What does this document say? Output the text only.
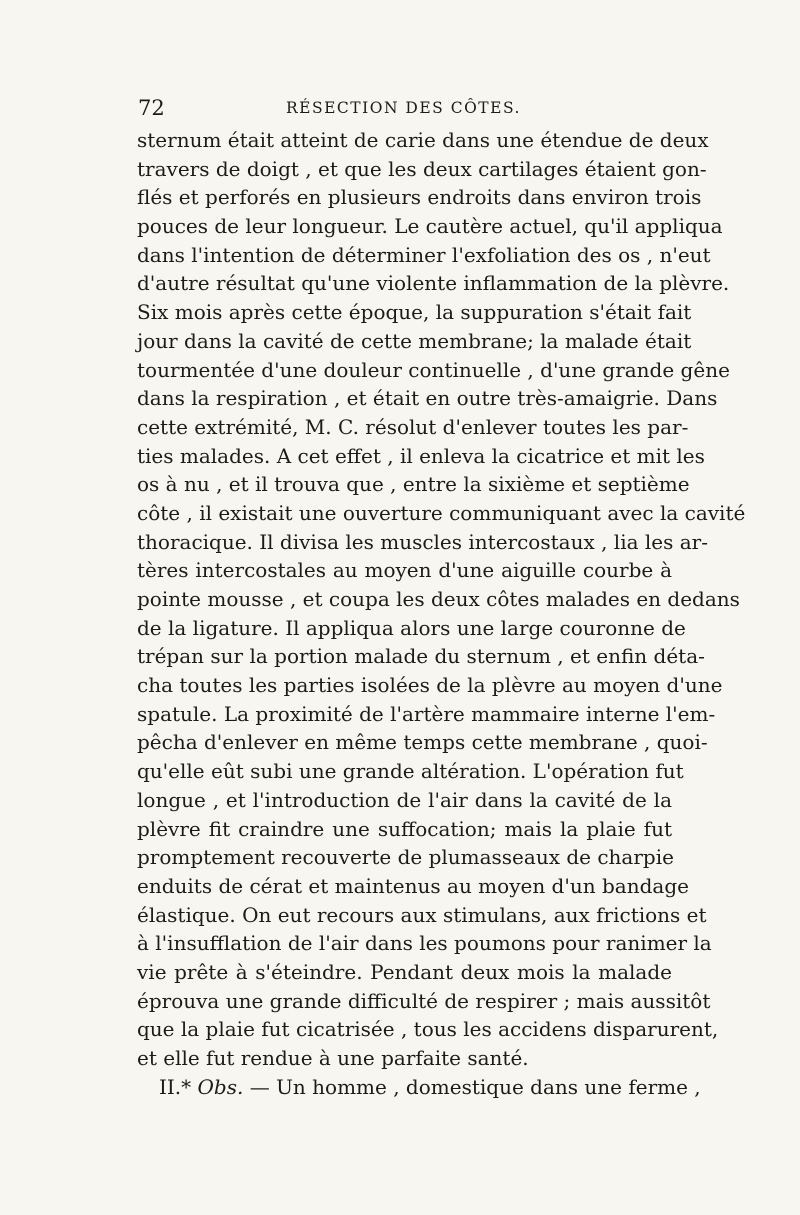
72	RÉSECTION DES CÔTES.
sternum était atteint de carie dans une étendue de deux
travers de doigt , et que les deux cartilages étaient gon-
flés et perforés en plusieurs endroits dans environ trois
pouces de leur longueur. Le cautère actuel, qu'il appliqua
dans l'intention de déterminer l'exfoliation des os , n'eut
d'autre résultat qu'une violente inflammation de la plèvre.
Six mois après cette époque, la suppuration s'était fait
jour dans la cavité de cette membrane; la malade était
tourmentée d'une douleur continuelle , d'une grande gêne
dans la respiration , et était en outre très-amaigrie. Dans
cette extrémité, M. C. résolut d'enlever toutes les par-
ties malades. A cet effet , il enleva la cicatrice et mit les
os à nu , et il trouva que , entre la sixième et septième
côte , il existait une ouverture communiquant avec la cavité
thoracique. Il divisa les muscles intercostaux , lia les ar-
tères intercostales au moyen d'une aiguille courbe à
pointe mousse , et coupa les deux côtes malades en dedans
de la ligature. Il appliqua alors une large couronne de
trépan sur la portion malade du sternum , et enfin déta-
cha toutes les parties isolées de la plèvre au moyen d'une
spatule. La proximité de l'artère mammaire interne l'em-
pêcha d'enlever en même temps cette membrane , quoi-
qu'elle eût subi une grande altération. L'opération fut
longue , et l'introduction de l'air dans la cavité de la
plèvre fit craindre une suffocation; mais la plaie fut
promptement recouverte de plumasseaux de charpie
enduits de cérat et maintenus au moyen d'un bandage
élastique. On eut recours aux stimulans, aux frictions et
à l'insufflation de l'air dans les poumons pour ranimer la
vie prête à s'éteindre. Pendant deux mois la malade
éprouva une grande difficulté de respirer ; mais aussitôt
que la plaie fut cicatrisée , tous les accidens disparurent,
et elle fut rendue à une parfaite santé.
II.* Obs. — Un homme , domestique dans une ferme ,
